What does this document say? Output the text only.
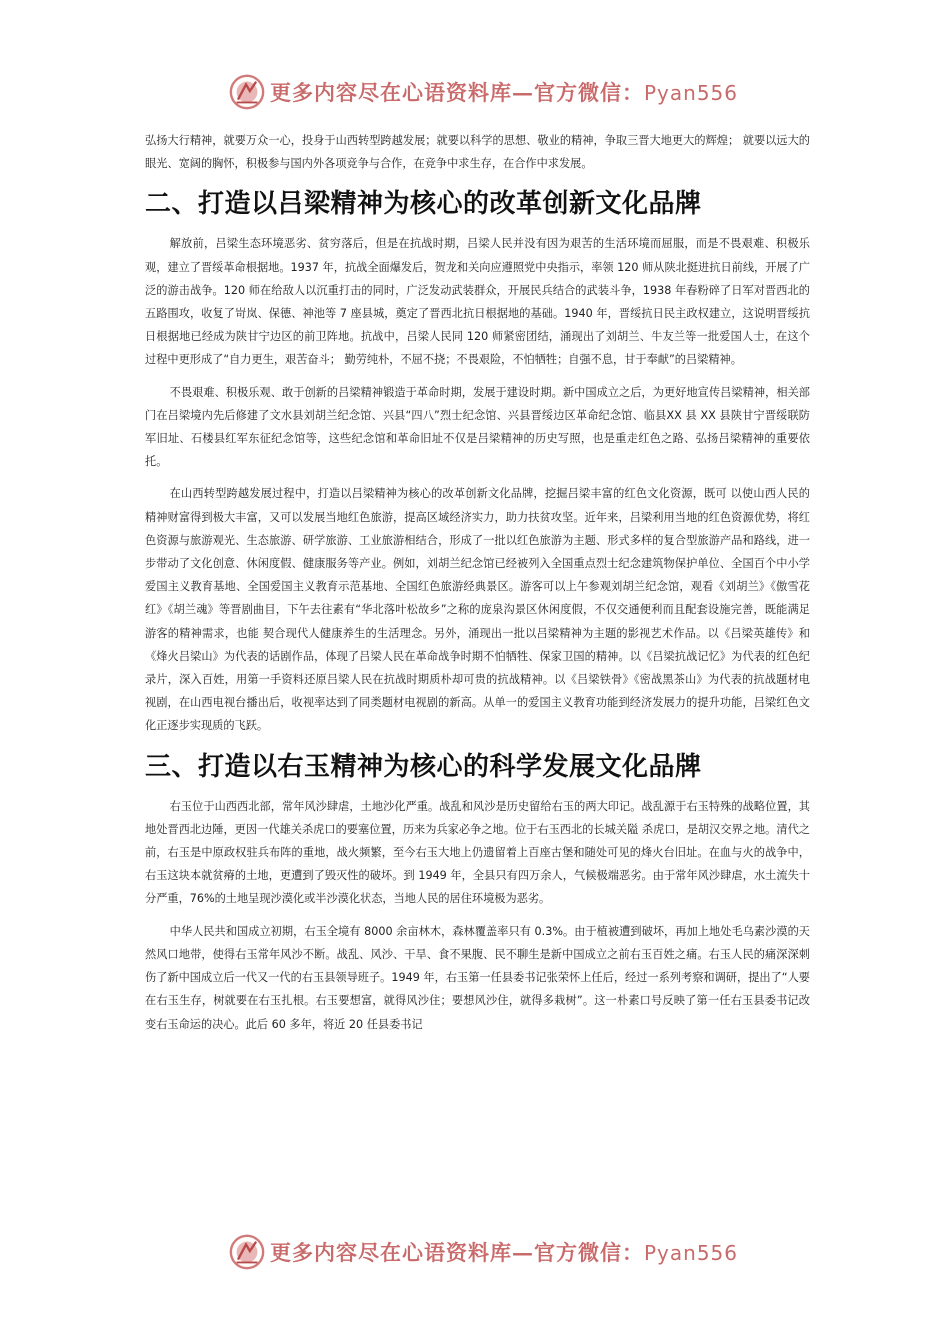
更多内容尽在心语资料库—官方微信：Pyan556

弘扬大行精神，就要万众一心，投身于山西转型跨越发展；就要以科学的思想、敬业的精神，争取三晋大地更大的辉煌； 就要以远大的眼光、宽阔的胸怀，积极参与国内外各项竞争与合作，在竞争中求生存，在合作中求发展。

二、打造以吕梁精神为核心的改革创新文化品牌

解放前，吕梁生态环境恶劣、贫穷落后，但是在抗战时期，吕梁人民并没有因为艰苦的生活环境而屈服，而是不畏艰难、积极乐观，建立了晋绥革命根据地。1937 年，抗战全面爆发后，贺龙和关向应遵照党中央指示，率领 120 师从陕北挺进抗日前线，开展了广泛的游击战争。120 师在给敌人以沉重打击的同时，广泛发动武装群众，开展民兵结合的武装斗争，1938 年春粉碎了日军对晋西北的五路围攻，收复了岢岚、保德、神池等 7 座县城，奠定了晋西北抗日根据地的基础。1940 年，晋绥抗日民主政权建立，这说明晋绥抗日根据地已经成为陕甘宁边区的前卫阵地。抗战中，吕梁人民同 120 师紧密团结，涌现出了刘胡兰、牛友兰等一批爱国人士，在这个过程中更形成了“自力更生，艰苦奋斗； 勤劳纯朴，不屈不挠；不畏艰险，不怕牺牲；自强不息，甘于奉献”的吕梁精神。

不畏艰难、积极乐观、敢于创新的吕梁精神锻造于革命时期，发展于建设时期。新中国成立之后，为更好地宣传吕梁精神，相关部门在吕梁境内先后修建了文水县刘胡兰纪念馆、兴县“四八”烈士纪念馆、兴县晋绥边区革命纪念馆、临县XX 县 XX 县陕甘宁晋绥联防军旧址、石楼县红军东征纪念馆等，这些纪念馆和革命旧址不仅是吕梁精神的历史写照，也是重走红色之路、弘扬吕梁精神的重要依托。

在山西转型跨越发展过程中，打造以吕梁精神为核心的改革创新文化品牌，挖掘吕梁丰富的红色文化资源，既可 以使山西人民的精神财富得到极大丰富，又可以发展当地红色旅游，提高区域经济实力，助力扶贫攻坚。近年来，吕梁利用当地的红色资源优势，将红色资源与旅游观光、生态旅游、研学旅游、工业旅游相结合，形成了一批以红色旅游为主题、形式多样的复合型旅游产品和路线，进一步带动了文化创意、休闲度假、健康服务等产业。例如，刘胡兰纪念馆已经被列入全国重点烈士纪念建筑物保护单位、全国百个中小学爱国主义教育基地、全国爱国主义教育示范基地、全国红色旅游经典景区。游客可以上午参观刘胡兰纪念馆，观看《刘胡兰》《傲雪花红》《胡兰魂》等晋剧曲目，下午去往素有“华北落叶松故乡”之称的庞泉沟景区休闲度假，不仅交通便利而且配套设施完善，既能满足游客的精神需求，也能 契合现代人健康养生的生活理念。另外，涌现出一批以吕梁精神为主题的影视艺术作品。以《吕梁英雄传》和《烽火吕梁山》为代表的话剧作品，体现了吕梁人民在革命战争时期不怕牺牲、保家卫国的精神。以《吕梁抗战记忆》为代表的红色纪录片，深入百姓，用第一手资料还原吕梁人民在抗战时期质朴却可贵的抗战精神。以《吕梁铁骨》《密战黑茶山》为代表的抗战题材电视剧，在山西电视台播出后，收视率达到了同类题材电视剧的新高。从单一的爱国主义教育功能到经济发展力的提升功能，吕梁红色文化正逐步实现质的飞跃。

三、打造以右玉精神为核心的科学发展文化品牌

右玉位于山西西北部，常年风沙肆虐，土地沙化严重。战乱和风沙是历史留给右玉的两大印记。战乱源于右玉特殊的战略位置，其地处晋西北边陲，更因一代雄关杀虎口的要塞位置，历来为兵家必争之地。位于右玉西北的长城关隘 杀虎口，是胡汉交界之地。清代之前，右玉是中原政权驻兵布阵的重地，战火频繁，至今右玉大地上仍遗留着上百座古堡和随处可见的烽火台旧址。在血与火的战争中，右玉这块本就贫瘠的土地，更遭到了毁灭性的破坏。到 1949 年，全县只有四万余人，气候极端恶劣。由于常年风沙肆虐，水土流失十分严重，76%的土地呈现沙漠化或半沙漠化状态，当地人民的居住环境极为恶劣。

中华人民共和国成立初期，右玉全境有 8000 余亩林木，森林覆盖率只有 0.3%。由于植被遭到破坏，再加上地处毛乌素沙漠的天然风口地带，使得右玉常年风沙不断。战乱、风沙、干旱、食不果腹、民不聊生是新中国成立之前右玉百姓之痛。右玉人民的痛深深刺伤了新中国成立后一代又一代的右玉县领导班子。1949 年，右玉第一任县委书记张荣怀上任后，经过一系列考察和调研，提出了“人要在右玉生存，树就要在右玉扎根。右玉要想富，就得风沙住；要想风沙住，就得多栽树”。这一朴素口号反映了第一任右玉县委书记改变右玉命运的决心。此后 60 多年，将近 20 任县委书记

更多内容尽在心语资料库—官方微信：Pyan556
